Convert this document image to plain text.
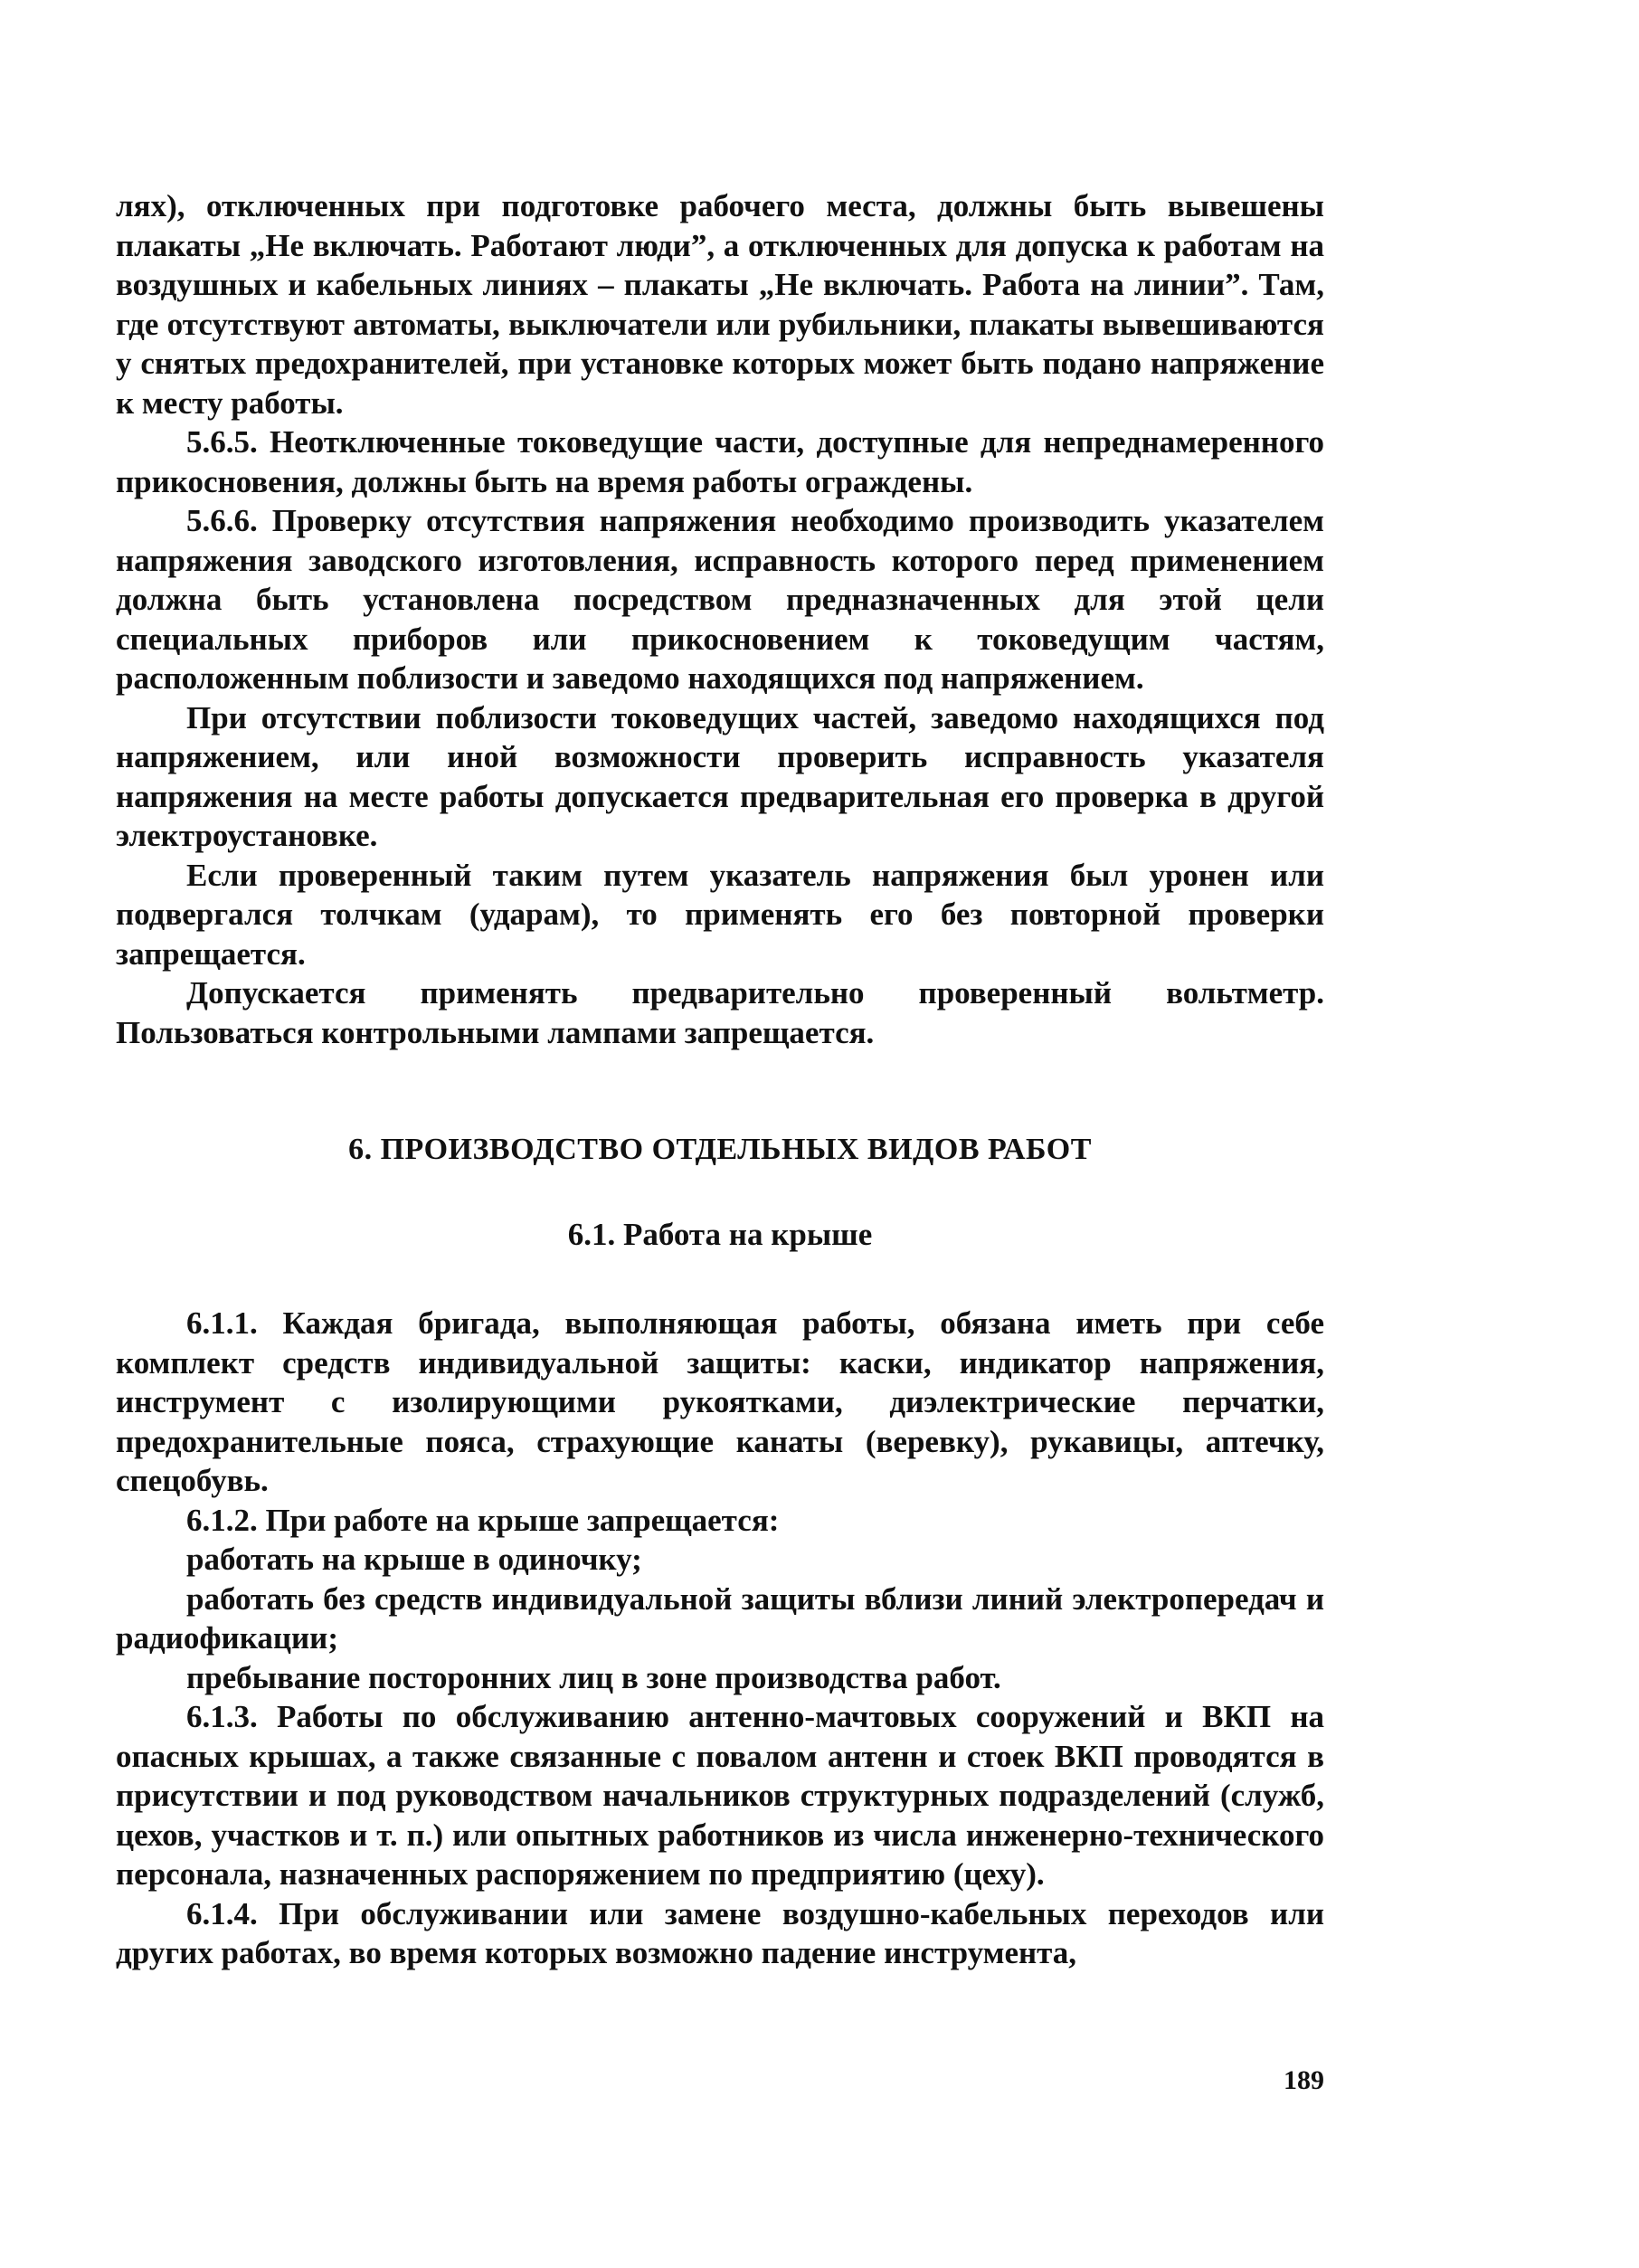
лях), отключенных при подготовке рабочего места, должны быть вывешены плакаты „Не включать. Работают люди”, а отключенных для допуска к работам на воздушных и кабельных линиях – плакаты „Не включать. Работа на линии”. Там, где отсутствуют автоматы, выключатели или рубильники, плакаты вывешиваются у снятых предохранителей, при установке которых может быть подано напряжение к месту работы.

5.6.5. Неотключенные токоведущие части, доступные для непреднамеренного прикосновения, должны быть на время работы ограждены.

5.6.6. Проверку отсутствия напряжения необходимо производить указателем напряжения заводского изготовления, исправность которого перед применением должна быть установлена посредством предназначенных для этой цели специальных приборов или прикосновением к токоведущим частям, расположенным поблизости и заведомо находящихся под напряжением.

При отсутствии поблизости токоведущих частей, заведомо находящихся под напряжением, или иной возможности проверить исправность указателя напряжения на месте работы допускается предварительная его проверка в другой электроустановке.

Если проверенный таким путем указатель напряжения был уронен или подвергался толчкам (ударам), то применять его без повторной проверки запрещается.

Допускается применять предварительно проверенный вольтметр. Пользоваться контрольными лампами запрещается.

6. ПРОИЗВОДСТВО ОТДЕЛЬНЫХ ВИДОВ РАБОТ
6.1. Работа на крыше

6.1.1. Каждая бригада, выполняющая работы, обязана иметь при себе комплект средств индивидуальной защиты: каски, индикатор напряжения, инструмент с изолирующими рукоятками, диэлектрические перчатки, предохранительные пояса, страхующие канаты (веревку), рукавицы, аптечку, спецобувь.

6.1.2. При работе на крыше запрещается:

работать на крыше в одиночку;

работать без средств индивидуальной защиты вблизи линий электропередач и радиофикации;

пребывание посторонних лиц в зоне производства работ.

6.1.3. Работы по обслуживанию антенно-мачтовых сооружений и ВКП на опасных крышах, а также связанные с повалом антенн и стоек ВКП проводятся в присутствии и под руководством начальников структурных подразделений (служб, цехов, участков и т. п.) или опытных работников из числа инженерно-технического персонала, назначенных распоряжением по предприятию (цеху).

6.1.4. При обслуживании или замене воздушно-кабельных переходов или других работах, во время которых возможно падение инструмента,

189
